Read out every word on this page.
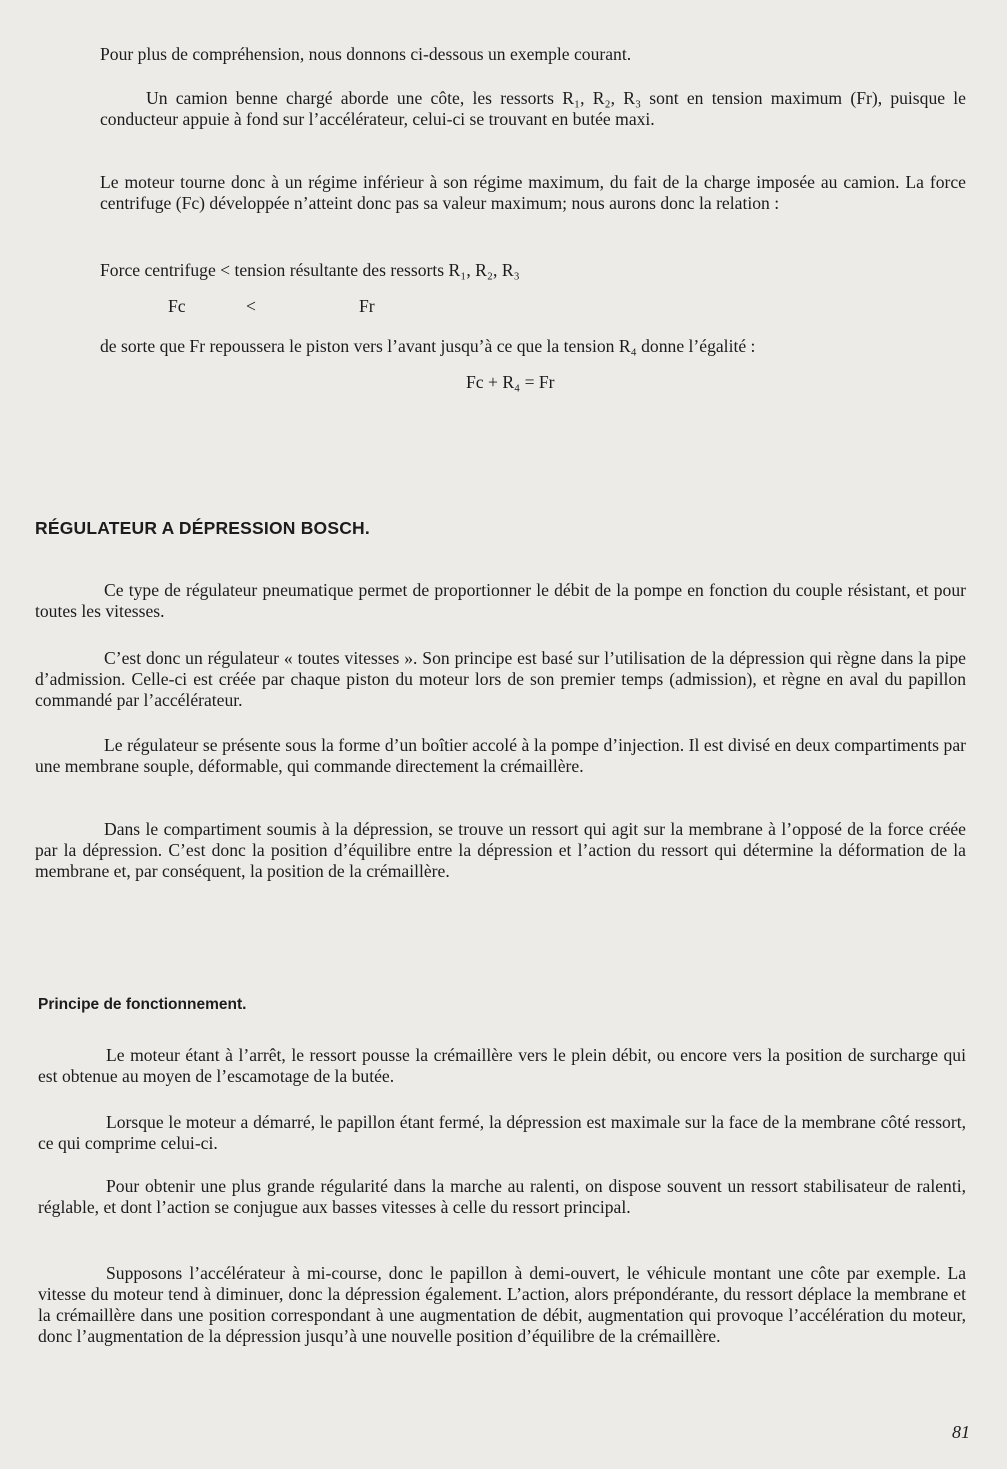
Pour plus de compréhension, nous donnons ci-dessous un exemple courant.

Un camion benne chargé aborde une côte, les ressorts R₁, R₂, R₃ sont en tension maximum (Fr), puisque le conducteur appuie à fond sur l’accélérateur, celui-ci se trouvant en butée maxi.

Le moteur tourne donc à un régime inférieur à son régime maximum, du fait de la charge imposée au camion. La force centrifuge (Fc) développée n’atteint donc pas sa valeur maximum; nous aurons donc la relation :

Force centrifuge < tension résultante des ressorts R₁, R₂, R₃

Fc	<	Fr

de sorte que Fr repoussera le piston vers l’avant jusqu’à ce que la tension R₄ donne l’égalité :

Fc + R₄ = Fr

RÉGULATEUR A DÉPRESSION BOSCH.

Ce type de régulateur pneumatique permet de proportionner le débit de la pompe en fonction du couple résistant, et pour toutes les vitesses.

C’est donc un régulateur « toutes vitesses ». Son principe est basé sur l’utilisation de la dépression qui règne dans la pipe d’admission. Celle-ci est créée par chaque piston du moteur lors de son premier temps (admission), et règne en aval du papillon commandé par l’accélérateur.

Le régulateur se présente sous la forme d’un boîtier accolé à la pompe d’injection. Il est divisé en deux compartiments par une membrane souple, déformable, qui commande directement la crémaillère.

Dans le compartiment soumis à la dépression, se trouve un ressort qui agit sur la membrane à l’opposé de la force créée par la dépression. C’est donc la position d’équilibre entre la dépression et l’action du ressort qui détermine la déformation de la membrane et, par conséquent, la position de la crémaillère.

Principe de fonctionnement.

Le moteur étant à l’arrêt, le ressort pousse la crémaillère vers le plein débit, ou encore vers la position de surcharge qui est obtenue au moyen de l’escamotage de la butée.

Lorsque le moteur a démarré, le papillon étant fermé, la dépression est maximale sur la face de la membrane côté ressort, ce qui comprime celui-ci.

Pour obtenir une plus grande régularité dans la marche au ralenti, on dispose souvent un ressort stabilisateur de ralenti, réglable, et dont l’action se conjugue aux basses vitesses à celle du ressort principal.

Supposons l’accélérateur à mi-course, donc le papillon à demi-ouvert, le véhicule montant une côte par exemple. La vitesse du moteur tend à diminuer, donc la dépression également. L’action, alors prépondérante, du ressort déplace la membrane et la crémaillère dans une position correspondant à une augmentation de débit, augmentation qui provoque l’accélération du moteur, donc l’augmentation de la dépression jusqu’à une nouvelle position d’équilibre de la crémaillère.

81
